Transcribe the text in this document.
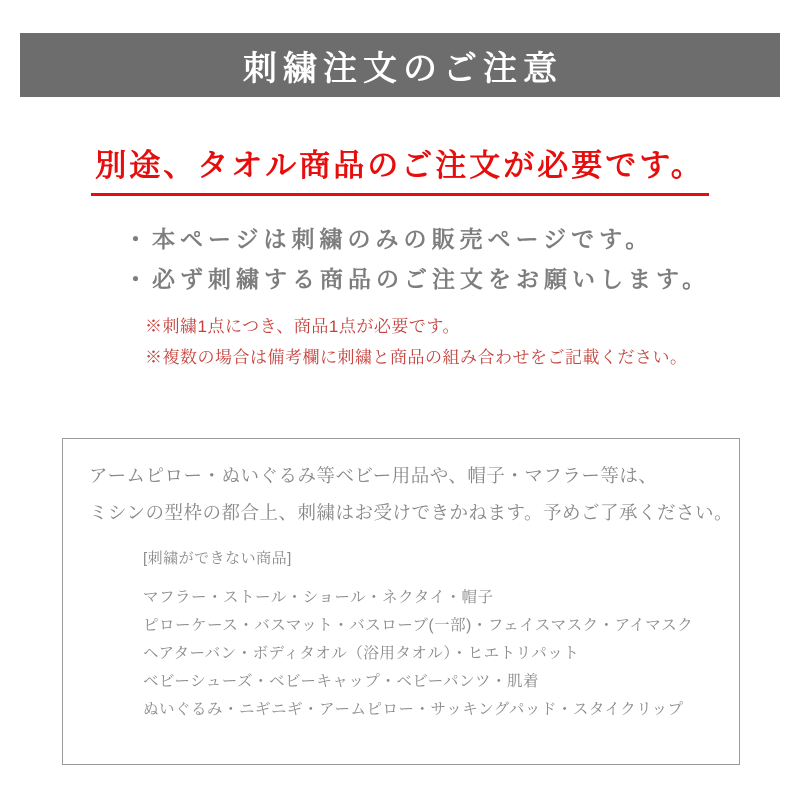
刺繍注文のご注意
別途、タオル商品のご注文が必要です。
・本ページは刺繍のみの販売ページです。
・必ず刺繍する商品のご注文をお願いします。
※刺繍1点につき、商品1点が必要です。
※複数の場合は備考欄に刺繍と商品の組み合わせをご記載ください。

アームピロー・ぬいぐるみ等ベビー用品や、帽子・マフラー等は、
ミシンの型枠の都合上、刺繍はお受けできかねます。予めご了承ください。

[刺繍ができない商品]
マフラー・ストール・ショール・ネクタイ・帽子
ピローケース・バスマット・バスローブ(一部)・フェイスマスク・アイマスク
ヘアターバン・ボディタオル（浴用タオル）・ヒエトリパット
ベビーシューズ・ベビーキャップ・ベビーパンツ・肌着
ぬいぐるみ・ニギニギ・アームピロー・サッキングパッド・スタイクリップ
